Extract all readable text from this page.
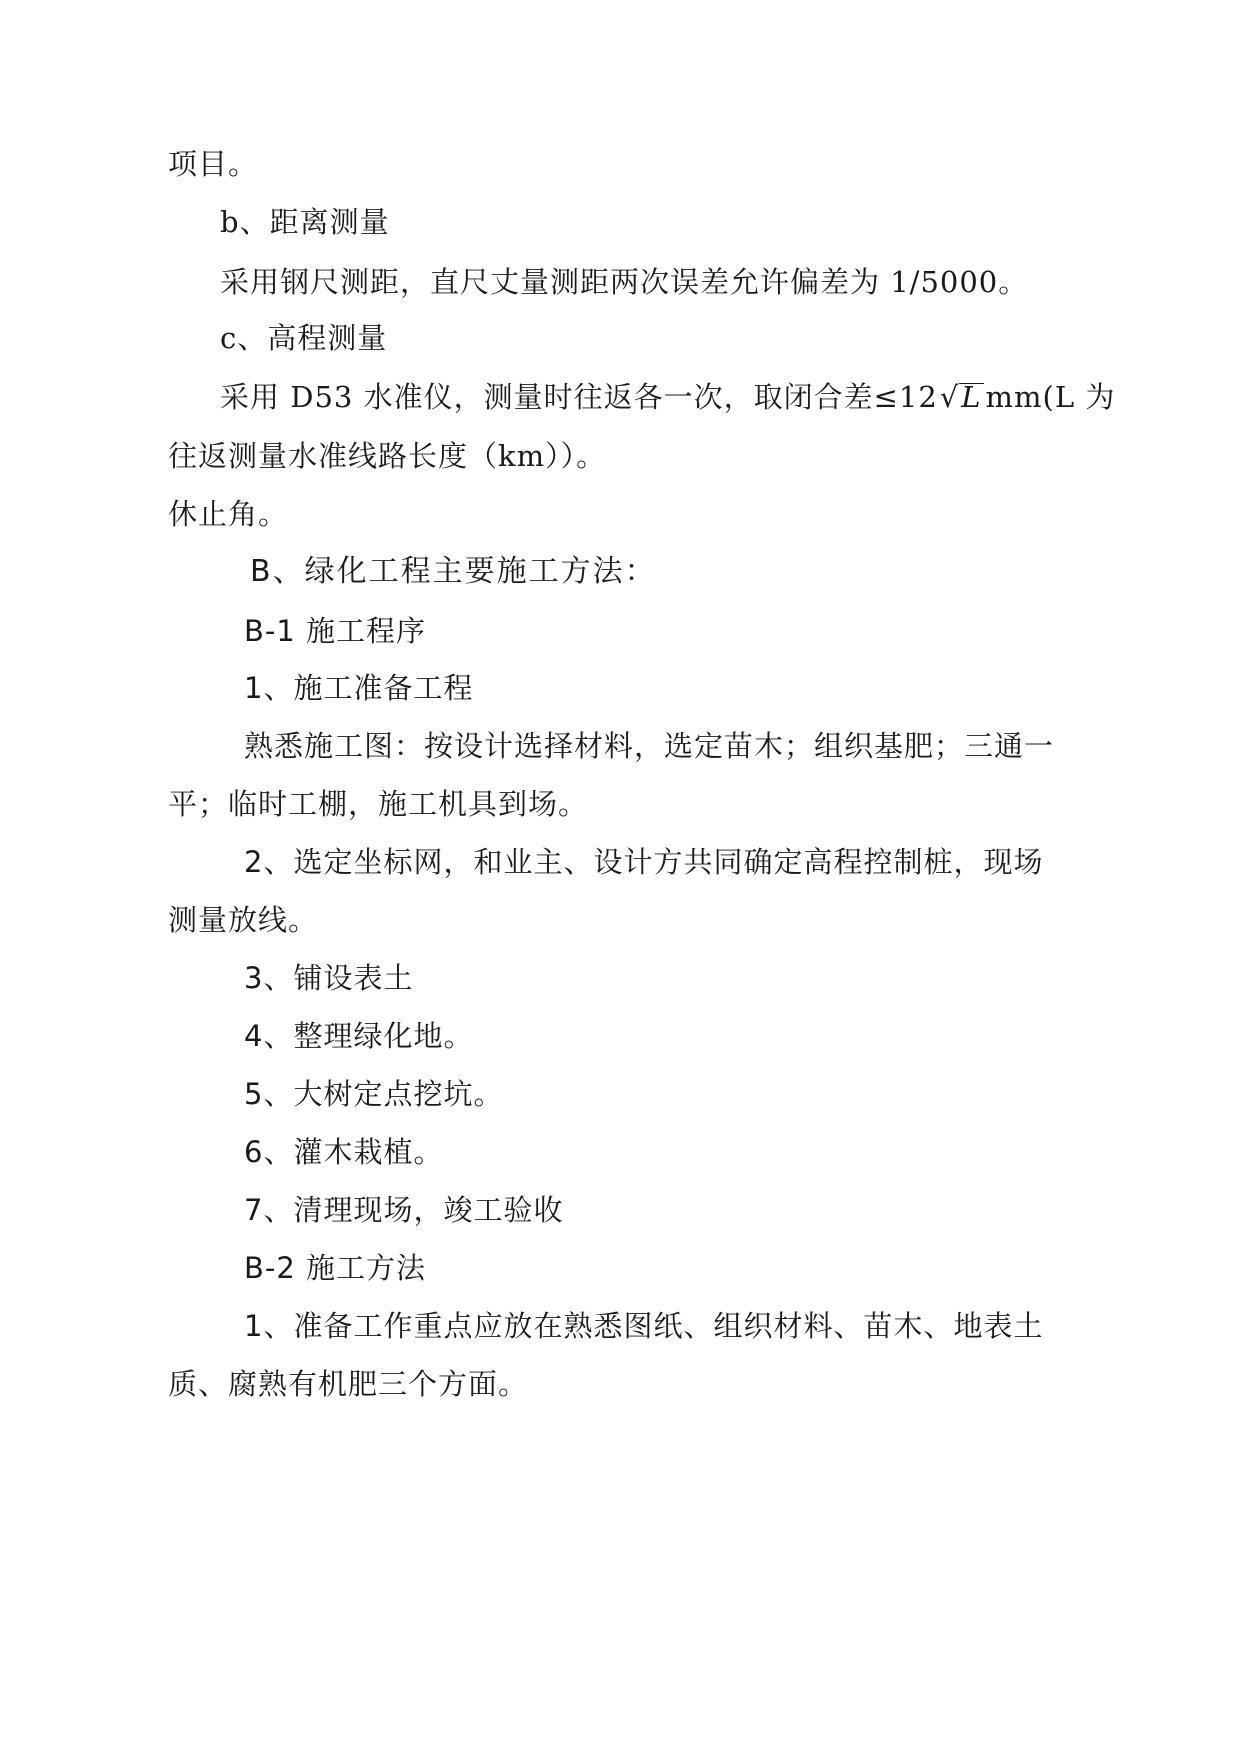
项目。

b、距离测量

采用钢尺测距，直尺丈量测距两次误差允许偏差为 1/5000。

c、高程测量

采用 D53 水准仪，测量时往返各一次，取闭合差≤12√L mm(L 为

往返测量水准线路长度（km））。

休止角。

B、绿化工程主要施工方法：

B-1 施工程序

1、施工准备工程

熟悉施工图：按设计选择材料，选定苗木；组织基肥；三通一

平；临时工棚，施工机具到场。

2、选定坐标网，和业主、设计方共同确定高程控制桩，现场

测量放线。

3、铺设表土

4、整理绿化地。

5、大树定点挖坑。

6、灌木栽植。

7、清理现场，竣工验收

B-2 施工方法

1、准备工作重点应放在熟悉图纸、组织材料、苗木、地表土

质、腐熟有机肥三个方面。
